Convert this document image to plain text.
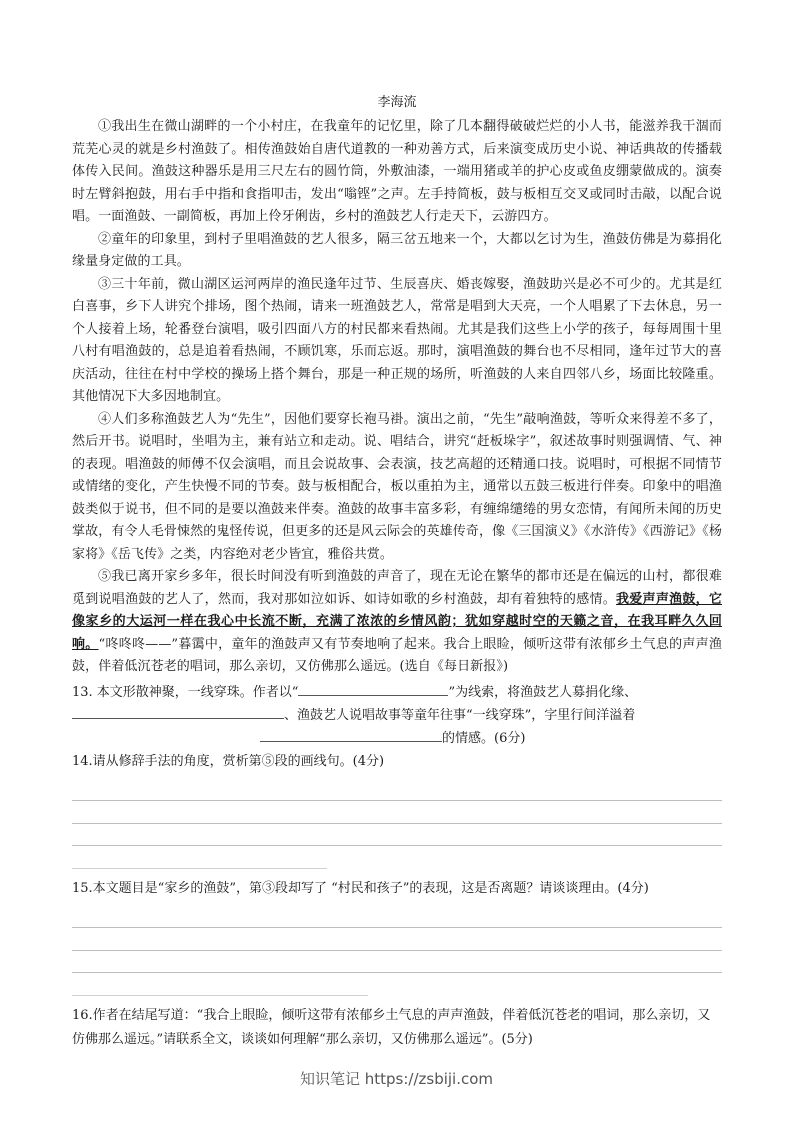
李海流

①我出生在微山湖畔的一个小村庄，在我童年的记忆里，除了几本翻得破破烂烂的小人书，能滋养我干涸而荒芜心灵的就是乡村渔鼓了。相传渔鼓始自唐代道教的一种劝善方式，后来演变成历史小说、神话典故的传播载体传入民间。渔鼓这种器乐是用三尺左右的圆竹筒，外敷油漆，一端用猪或羊的护心皮或鱼皮绷蒙做成的。演奏时左臂斜抱鼓，用右手中指和食指叩击，发出“嗡铿”之声。左手持简板，鼓与板相互交叉或同时击敲，以配合说唱。一面渔鼓、一副简板，再加上伶牙俐齿，乡村的渔鼓艺人行走天下，云游四方。

②童年的印象里，到村子里唱渔鼓的艺人很多，隔三岔五地来一个，大都以乞讨为生，渔鼓仿佛是为募捐化缘量身定做的工具。

③三十年前，微山湖区运河两岸的渔民逢年过节、生辰喜庆、婚丧嫁娶，渔鼓助兴是必不可少的。尤其是红白喜事，乡下人讲究个排场，图个热闹，请来一班渔鼓艺人，常常是唱到大天亮，一个人唱累了下去休息，另一个人接着上场，轮番登台演唱，吸引四面八方的村民都来看热闹。尤其是我们这些上小学的孩子，每每周围十里八村有唱渔鼓的，总是追着看热闹，不顾饥寒，乐而忘返。那时，演唱渔鼓的舞台也不尽相同，逢年过节大的喜庆活动，往往在村中学校的操场上搭个舞台，那是一种正规的场所，听渔鼓的人来自四邻八乡，场面比较隆重。其他情况下大多因地制宜。

④人们多称渔鼓艺人为“先生”，因他们要穿长袍马褂。演出之前，“先生”敲响渔鼓，等听众来得差不多了，然后开书。说唱时，坐唱为主，兼有站立和走动。说、唱结合，讲究“赶板垛字”，叙述故事时则强调情、气、神的表现。唱渔鼓的师傅不仅会演唱，而且会说故事、会表演，技艺高超的还精通口技。说唱时，可根据不同情节或情绪的变化，产生快慢不同的节奏。鼓与板相配合，板以重拍为主，通常以五鼓三板进行伴奏。印象中的唱渔鼓类似于说书，但不同的是要以渔鼓来伴奏。渔鼓的故事丰富多彩，有缠绵缱绻的男女恋情，有闻所未闻的历史掌故，有令人毛骨悚然的鬼怪传说，但更多的还是风云际会的英雄传奇，像《三国演义》《水浒传》《西游记》《杨家将》《岳飞传》之类，内容绝对老少皆宜，雅俗共赏。

⑤我已离开家乡多年，很长时间没有听到渔鼓的声音了，现在无论在繁华的都市还是在偏远的山村，都很难觅到说唱渔鼓的艺人了，然而，我对那如泣如诉、如诗如歌的乡村渔鼓，却有着独特的感情。我爱声声渔鼓，它像家乡的大运河一样在我心中长流不断，充满了浓浓的乡情风韵；犹如穿越时空的天籁之音，在我耳畔久久回响。“咚咚咚——”暮霭中，童年的渔鼓声又有节奏地响了起来。我合上眼睑，倾听这带有浓郁乡土气息的声声渔鼓，伴着低沉苍老的唱词，那么亲切，又仿佛那么遥远。(选自《每日新报》)

13. 本文形散神聚，一线穿珠。作者以“	”为线索，将渔鼓艺人募捐化缘、
、渔鼓艺人说唱故事等童年往事“一线穿珠”，字里行间洋溢着
的情感。(6分)
14.请从修辞手法的角度，赏析第⑤段的画线句。(4分)
15.本文题目是“家乡的渔鼓”，第③段却写了 “村民和孩子”的表现，这是否离题？请谈谈理由。(4分)
16.作者在结尾写道：“我合上眼睑，倾听这带有浓郁乡土气息的声声渔鼓，伴着低沉苍老的唱词，那么亲切，又仿佛那么遥远。”请联系全文，谈谈如何理解“那么亲切，又仿佛那么遥远”。(5分)
知识笔记 https://zsbiji.com
